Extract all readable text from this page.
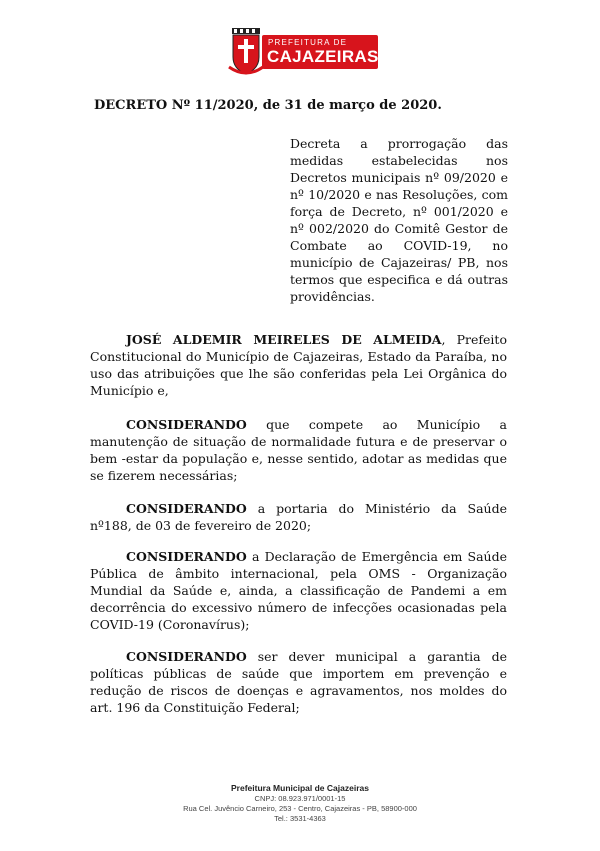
PREFEITURA DE
CAJAZEIRAS
DECRETO Nº 11/2020, de 31 de março de 2020.
Decreta a prorrogação das medidas estabelecidas nos Decretos municipais nº 09/2020 e nº 10/2020 e nas Resoluções, com força de Decreto, nº 001/2020 e nº 002/2020 do Comitê Gestor de Combate ao COVID-19, no município de Cajazeiras/ PB, nos termos que especifica e dá outras providências.
JOSÉ ALDEMIR MEIRELES DE ALMEIDA, Prefeito Constitucional do Município de Cajazeiras, Estado da Paraíba, no uso das atribuições que lhe são conferidas pela Lei Orgânica do Município e,
CONSIDERANDO que compete ao Município a manutenção de situação de normalidade futura e de preservar o bem -estar da população e, nesse sentido, adotar as medidas que se fizerem necessárias;
CONSIDERANDO a portaria do Ministério da Saúde nº188, de 03 de fevereiro de 2020;
CONSIDERANDO a Declaração de Emergência em Saúde Pública de âmbito internacional, pela OMS - Organização Mundial da Saúde e, ainda, a classificação de Pandemi a em decorrência do excessivo número de infecções ocasionadas pela COVID-19 (Coronavírus);
CONSIDERANDO ser dever municipal a garantia de políticas públicas de saúde que importem em prevenção e redução de riscos de doenças e agravamentos, nos moldes do art. 196 da Constituição Federal;
Prefeitura Municipal de Cajazeiras
CNPJ: 08.923.971/0001-15
Rua Cel. Juvêncio Carneiro, 253 - Centro, Cajazeiras - PB, 58900-000
Tel.: 3531-4363
